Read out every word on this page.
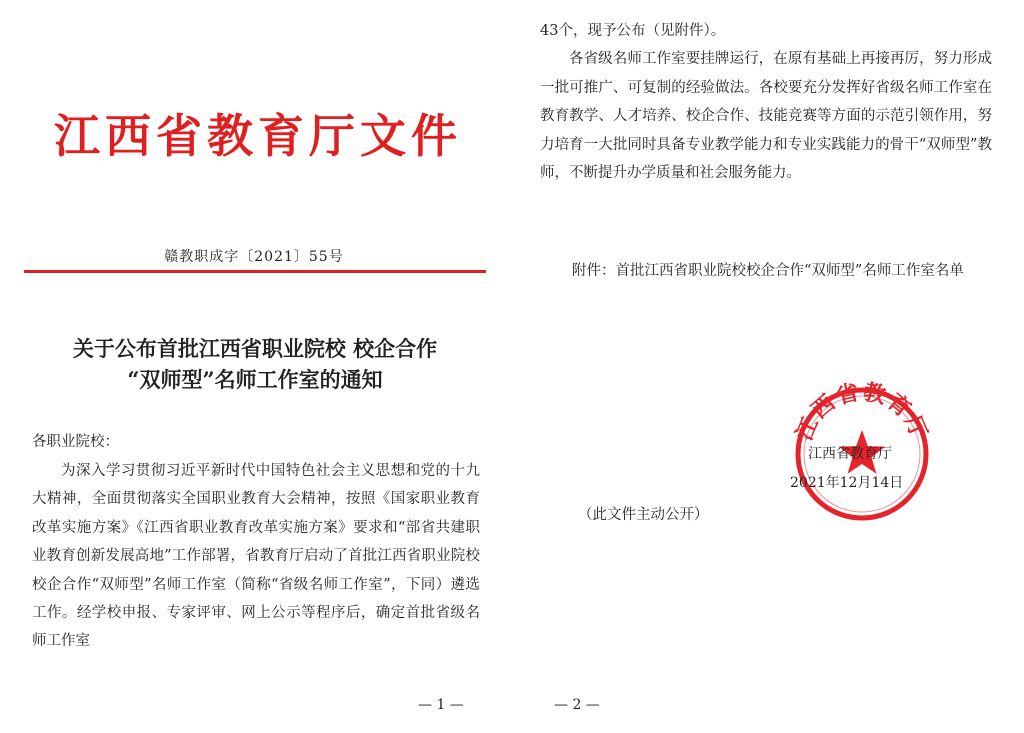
江西省教育厅文件
赣教职成字〔2021〕55号
关于公布首批江西省职业院校 校企合作
“双师型”名师工作室的通知
各职业院校：
为深入学习贯彻习近平新时代中国特色社会主义思想和党的十九大精神，全面贯彻落实全国职业教育大会精神，按照《国家职业教育改革实施方案》《江西省职业教育改革实施方案》要求和“部省共建职业教育创新发展高地”工作部署，省教育厅启动了首批江西省职业院校校企合作“双师型”名师工作室（简称“省级名师工作室”，下同）遴选工作。经学校申报、专家评审、网上公示等程序后，确定首批省级名师工作室
— 1 —

43个，现予公布（见附件）。

各省级名师工作室要挂牌运行，在原有基础上再接再厉，努力形成一批可推广、可复制的经验做法。各校要充分发挥好省级名师工作室在教育教学、人才培养、校企合作、技能竞赛等方面的示范引领作用，努力培育一大批同时具备专业教学能力和专业实践能力的骨干“双师型”教师，不断提升办学质量和社会服务能力。

附件： 首批江西省职业院校校企合作“双师型”名师工作室名单
江西省教育厅
江西省教育厅
2021年12月14日
（此文件主动公开）
— 2 —
